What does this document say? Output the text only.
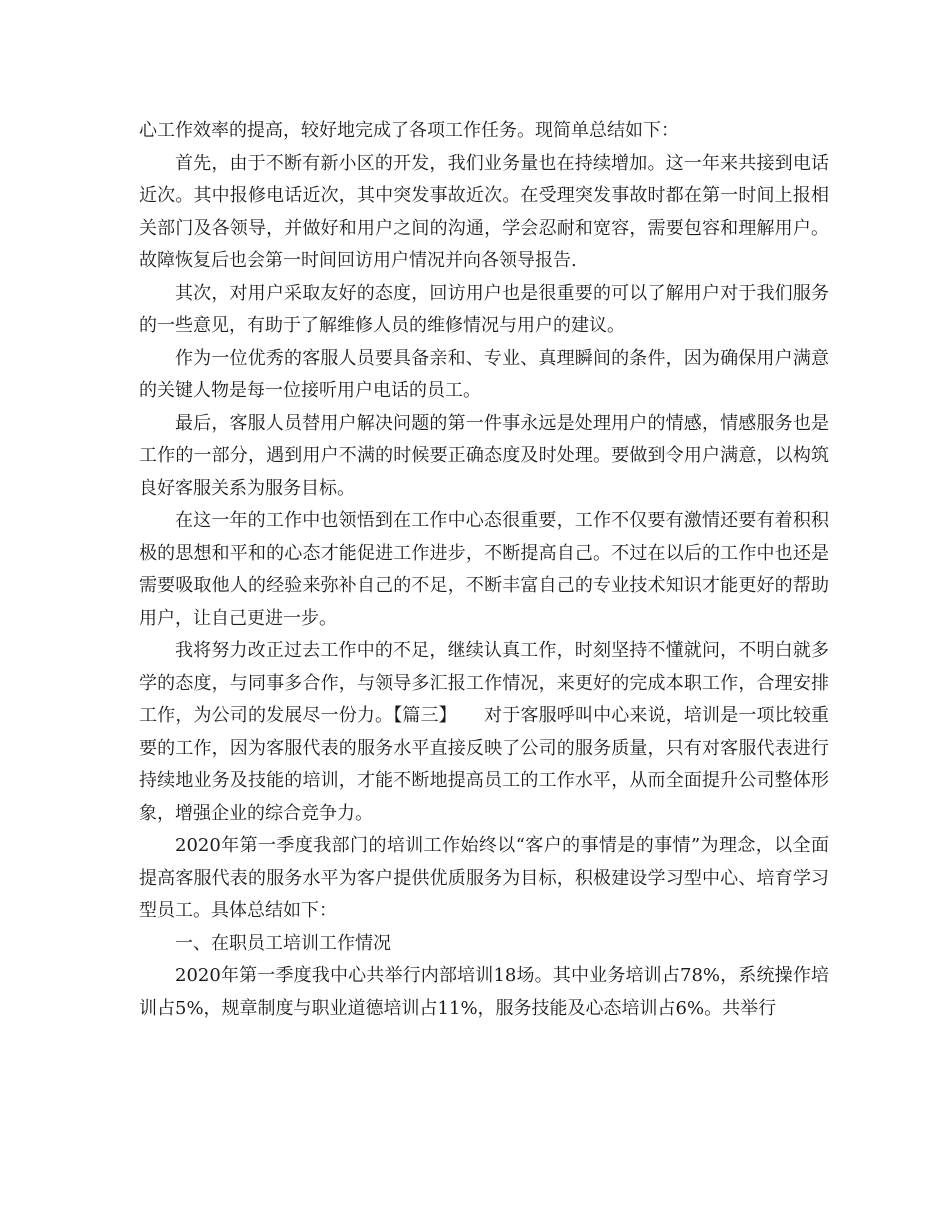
心工作效率的提高，较好地完成了各项工作任务。现简单总结如下：

首先，由于不断有新小区的开发，我们业务量也在持续增加。这一年来共接到电话近次。其中报修电话近次，其中突发事故近次。在受理突发事故时都在第一时间上报相关部门及各领导，并做好和用户之间的沟通，学会忍耐和宽容，需要包容和理解用户。故障恢复后也会第一时间回访用户情况并向各领导报告.

其次，对用户采取友好的态度，回访用户也是很重要的可以了解用户对于我们服务的一些意见，有助于了解维修人员的维修情况与用户的建议。

作为一位优秀的客服人员要具备亲和、专业、真理瞬间的条件，因为确保用户满意的关键人物是每一位接听用户电话的员工。

最后，客服人员替用户解决问题的第一件事永远是处理用户的情感，情感服务也是工作的一部分，遇到用户不满的时候要正确态度及时处理。要做到令用户满意，以构筑良好客服关系为服务目标。

在这一年的工作中也领悟到在工作中心态很重要，工作不仅要有激情还要有着积积极的思想和平和的心态才能促进工作进步，不断提高自己。不过在以后的工作中也还是需要吸取他人的经验来弥补自己的不足，不断丰富自己的专业技术知识才能更好的帮助用户，让自己更进一步。

我将努力改正过去工作中的不足，继续认真工作，时刻坚持不懂就问，不明白就多学的态度，与同事多合作，与领导多汇报工作情况，来更好的完成本职工作，合理安排工作，为公司的发展尽一份力。【篇三】　　对于客服呼叫中心来说，培训是一项比较重要的工作，因为客服代表的服务水平直接反映了公司的服务质量，只有对客服代表进行持续地业务及技能的培训，才能不断地提高员工的工作水平，从而全面提升公司整体形象，增强企业的综合竞争力。

2020年第一季度我部门的培训工作始终以“客户的事情是的事情”为理念，以全面提高客服代表的服务水平为客户提供优质服务为目标，积极建设学习型中心、培育学习型员工。具体总结如下：

一、在职员工培训工作情况

2020年第一季度我中心共举行内部培训18场。其中业务培训占78%，系统操作培训占5%，规章制度与职业道德培训占11%，服务技能及心态培训占6%。共举行
